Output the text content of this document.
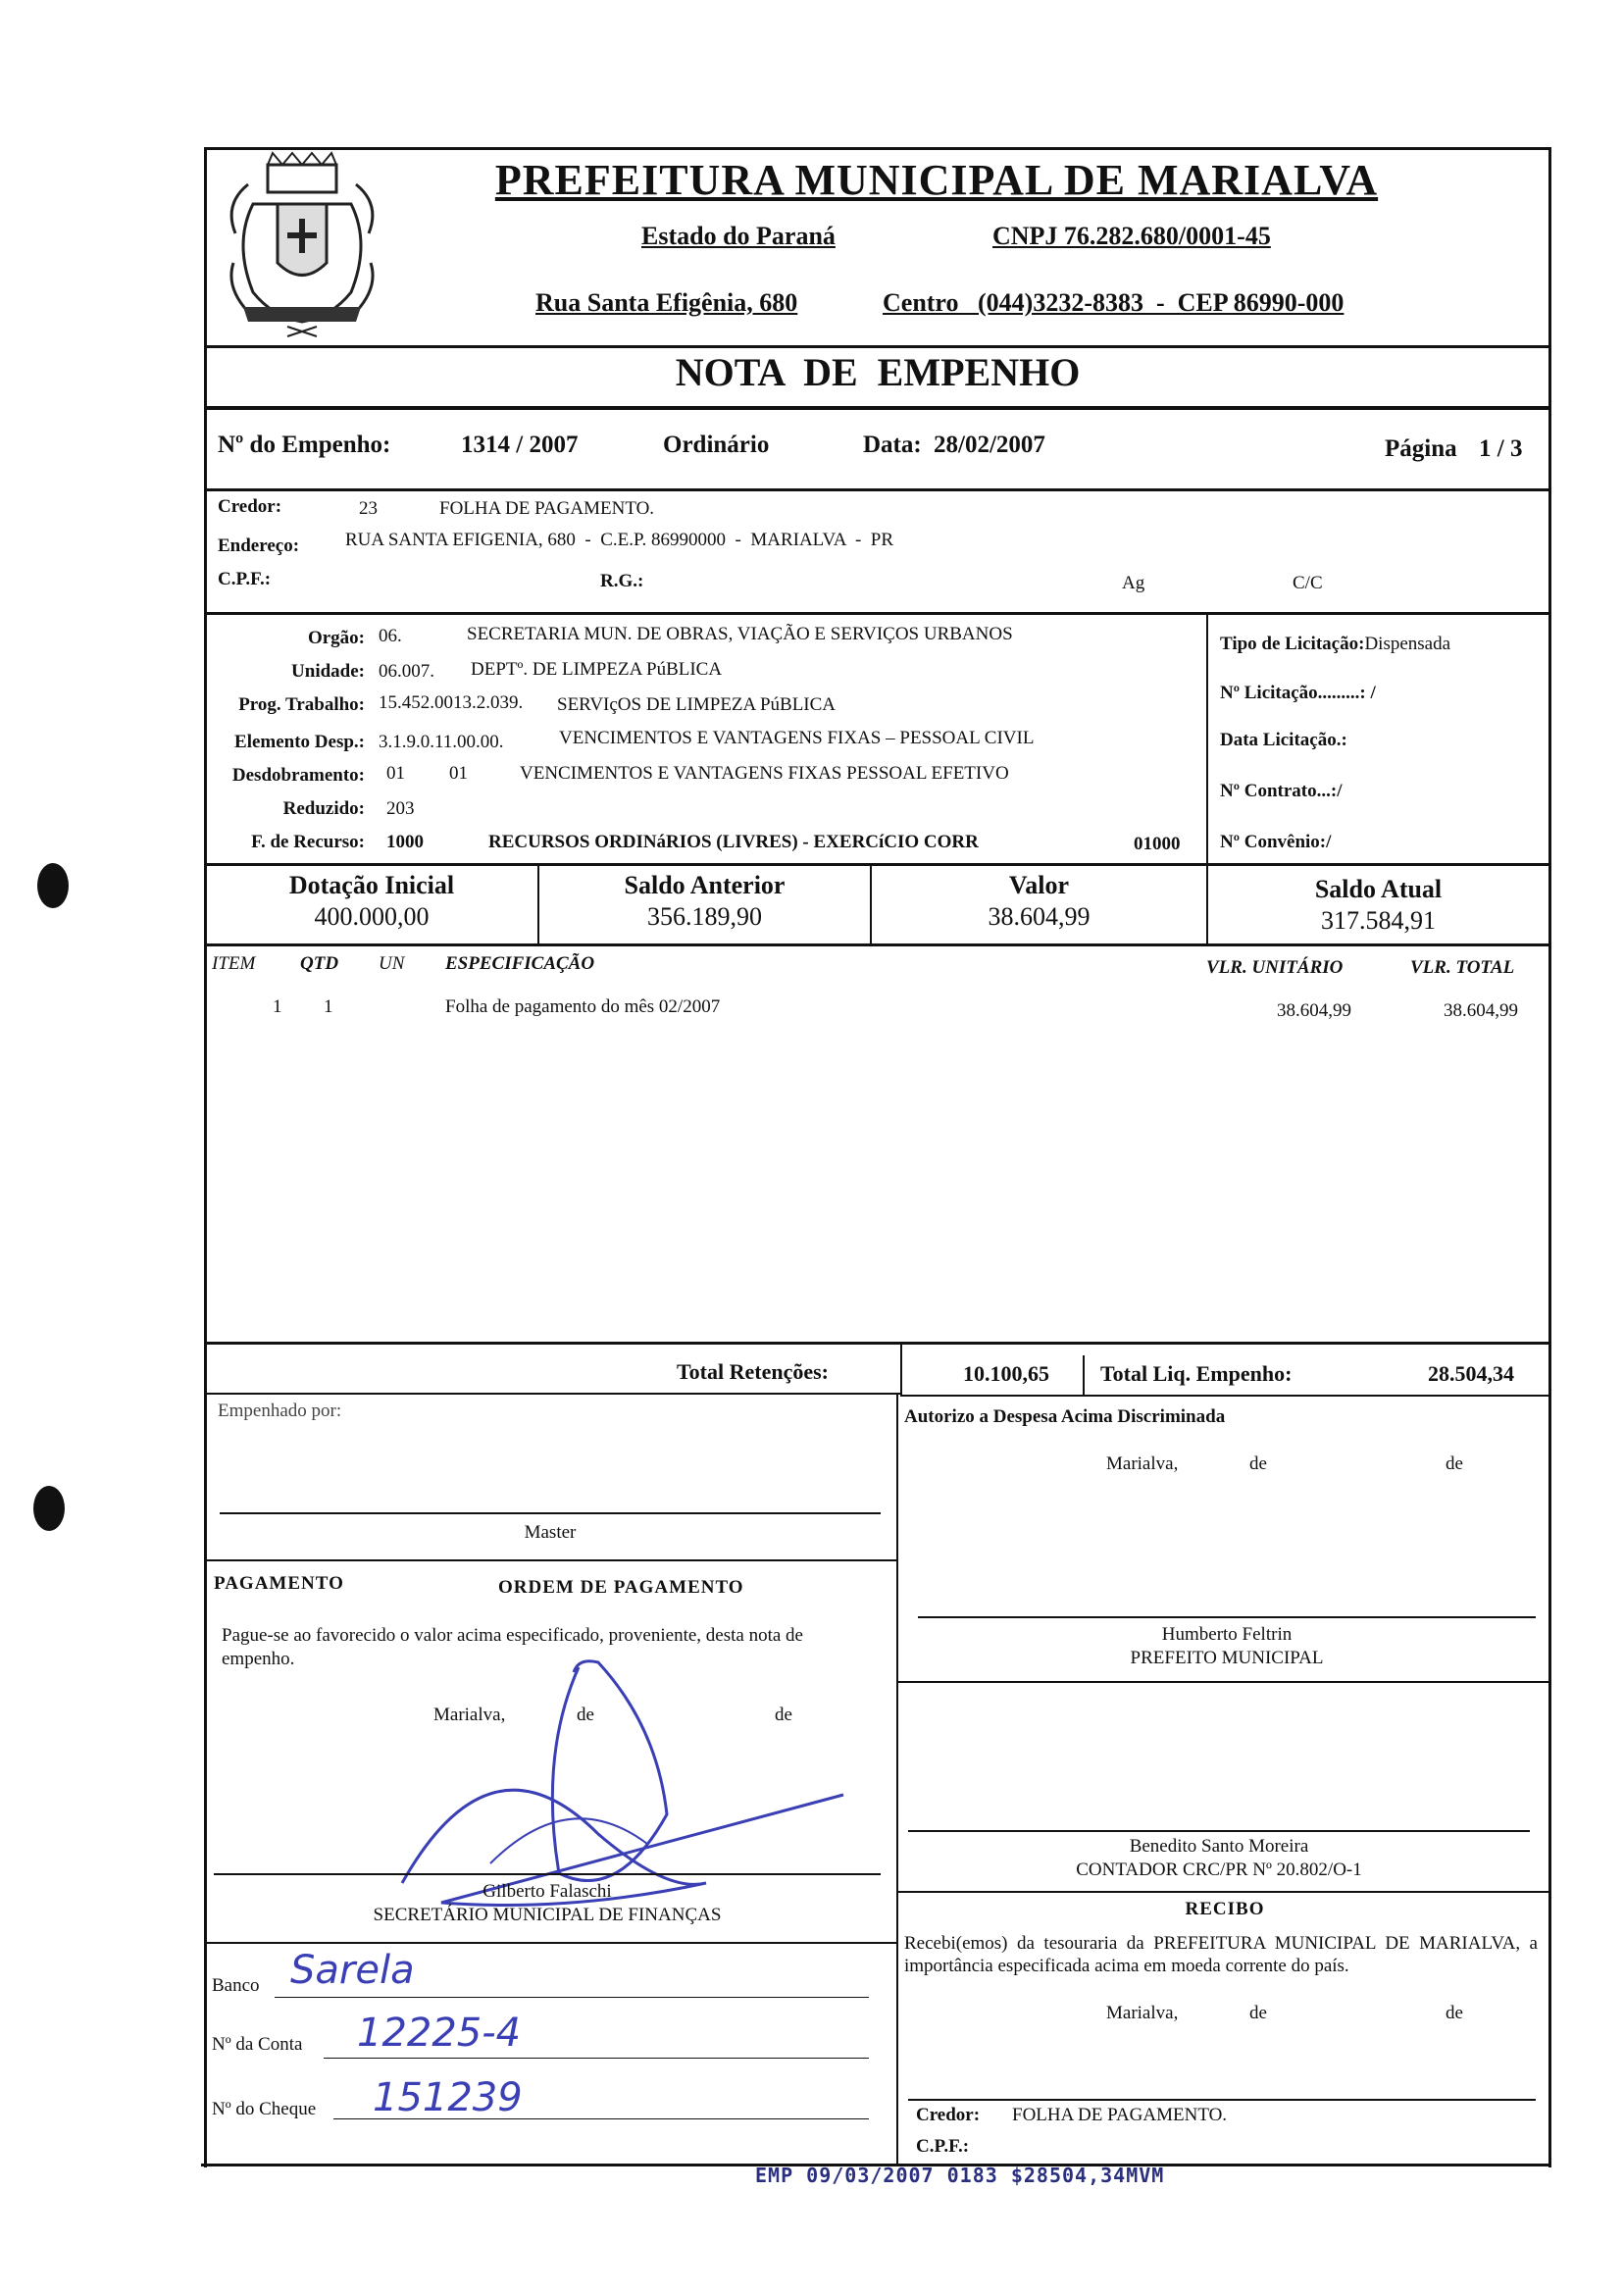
MARIALVA
PREFEITURA MUNICIPAL DE MARIALVA
Estado do Paraná	CNPJ 76.282.680/0001-45
Rua Santa Efigênia, 680	Centro   (044)3232-8383  -  CEP 86990-000
NOTA  DE  EMPENHO
Nº do Empenho:	1314 / 2007	Ordinário	Data: 28/02/2007	Página 1 / 3
Credor:	23	FOLHA DE PAGAMENTO.
Endereço: RUA SANTA EFIGENIA, 680  -  C.E.P. 86990000  -  MARIALVA  -  PR
C.P.F.:	R.G.:	Ag	C/C
Orgão: 06.	SECRETARIA MUN. DE OBRAS, VIAÇÃO E SERVIÇOS URBANOS
Unidade: 06.007. DEPTº. DE LIMPEZA PúBLICA
Prog. Trabalho: 15.452.0013.2.039. SERVIçOS DE LIMPEZA PúBLICA
Elemento Desp.: 3.1.9.0.11.00.00.	VENCIMENTOS E VANTAGENS FIXAS – PESSOAL CIVIL
Desdobramento: 01 01	VENCIMENTOS E VANTAGENS FIXAS PESSOAL EFETIVO
Reduzido: 203
F. de Recurso: 1000	RECURSOS ORDINáRIOS (LIVRES) - EXERCíCIO CORR	01000
Tipo de Licitação:Dispensada
Nº Licitação.........: /
Data Licitação.:
Nº Contrato...:/
Nº Convênio:/
Dotação Inicial
400.000,00
Saldo Anterior
356.189,90
Valor
38.604,99
Saldo Atual
317.584,91
ITEM QTD UN ESPECIFICAÇÃO	VLR. UNITÁRIO	VLR. TOTAL
1 1	Folha de pagamento do mês 02/2007	38.604,99	38.604,99
Total Retenções:	10.100,65 Total Liq. Empenho:	28.504,34
Empenhado por:
Master
Autorizo a Despesa Acima Discriminada
Marialva,	de	de
Humberto Feltrin
PREFEITO MUNICIPAL
Benedito Santo Moreira
CONTADOR CRC/PR Nº 20.802/O-1
RECIBO
Recebi(emos) da tesouraria da PREFEITURA MUNICIPAL DE MARIALVA, a importância especificada acima em moeda corrente do país.
Marialva,	de	de
Credor: FOLHA DE PAGAMENTO.
C.P.F.:
PAGAMENTO	ORDEM DE PAGAMENTO
Pague-se ao favorecido o valor acima especificado, proveniente, desta nota de empenho.
Marialva,	de	de
Gilberto Falaschi
SECRETÁRIO MUNICIPAL DE FINANÇAS
Banco Sarela
Nº da Conta 12225-4
Nº do Cheque 151239
EMP 09/03/2007 0183 $28504,34MVM
